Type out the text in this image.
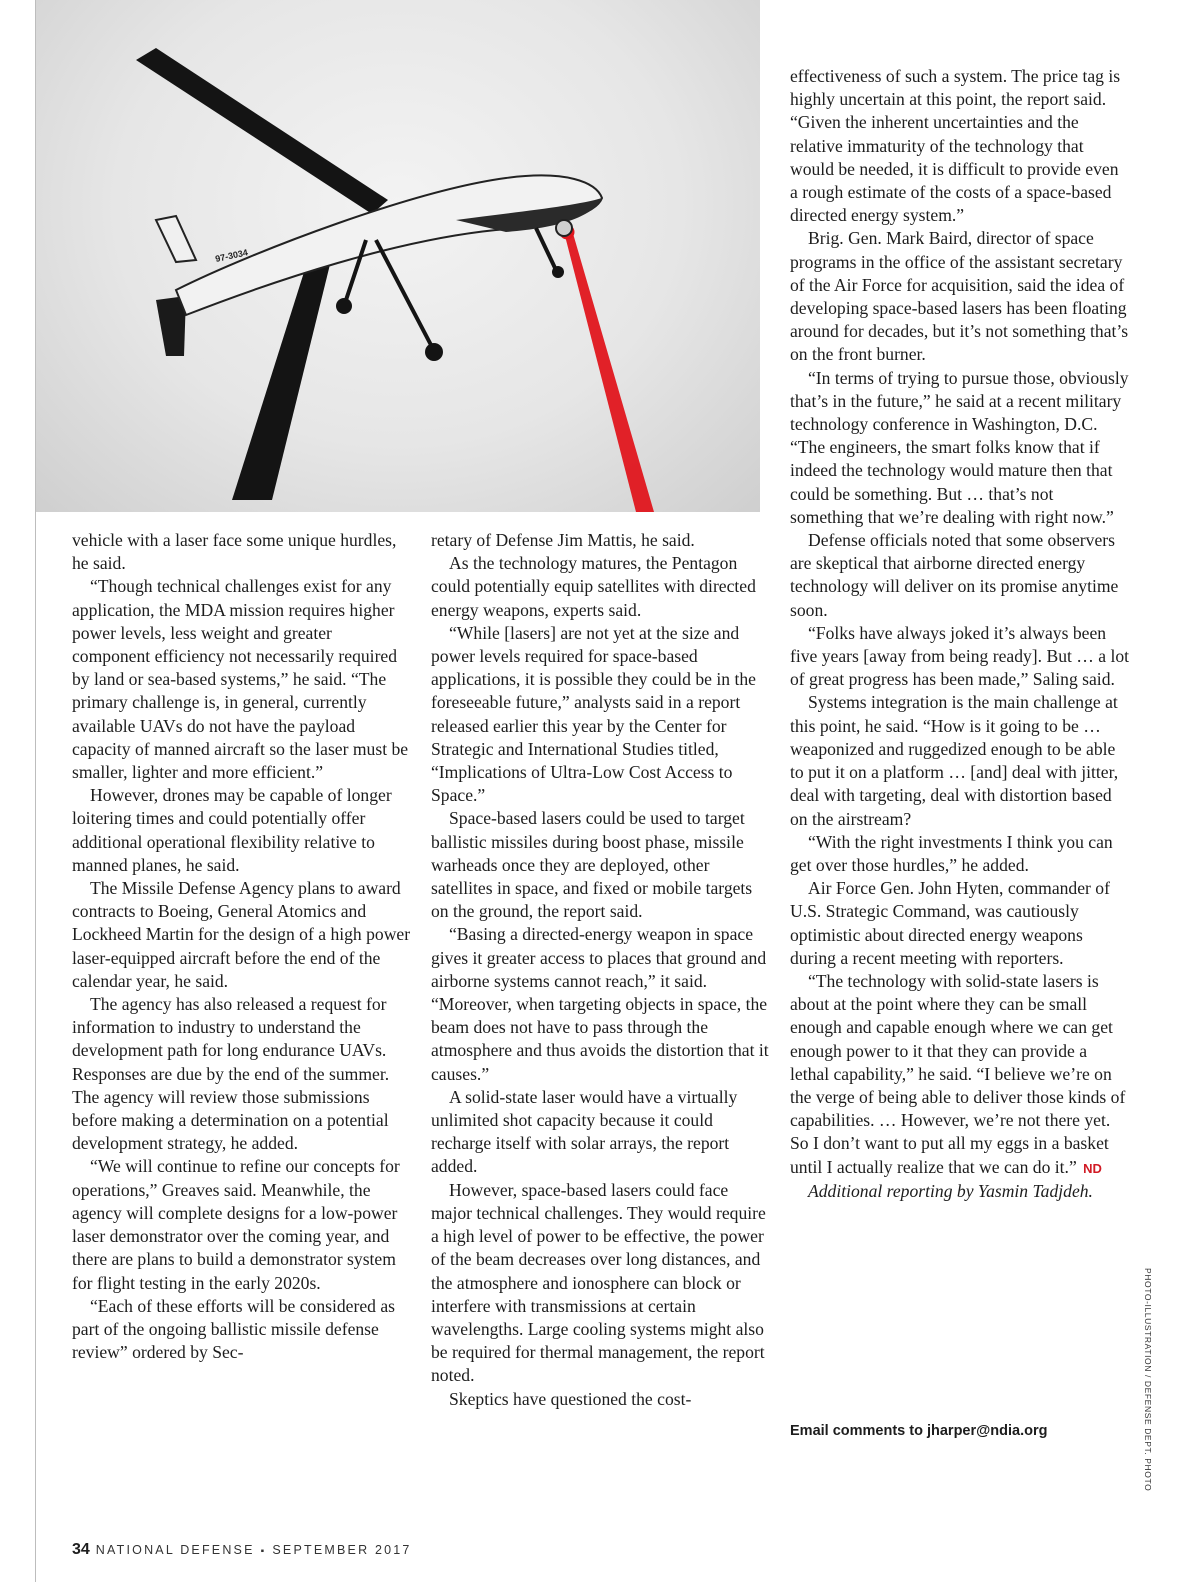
97-3034

vehicle with a laser face some unique hurdles, he said.

“Though technical challenges exist for any application, the MDA mission requires higher power levels, less weight and greater component efficiency not necessarily required by land or sea-based systems,” he said. “The primary challenge is, in general, currently available UAVs do not have the payload capacity of manned aircraft so the laser must be smaller, lighter and more efficient.”

However, drones may be capable of longer loitering times and could potentially offer additional operational flexibility relative to manned planes, he said.

The Missile Defense Agency plans to award contracts to Boeing, General Atomics and Lockheed Martin for the design of a high power laser-equipped aircraft before the end of the calendar year, he said.

The agency has also released a request for information to industry to understand the development path for long endurance UAVs. Responses are due by the end of the summer. The agency will review those submissions before making a determination on a potential development strategy, he added.

“We will continue to refine our concepts for operations,” Greaves said. Meanwhile, the agency will complete designs for a low-power laser demonstrator over the coming year, and there are plans to build a demonstrator system for flight testing in the early 2020s.

“Each of these efforts will be considered as part of the ongoing ballistic missile defense review” ordered by Sec-

retary of Defense Jim Mattis, he said.

As the technology matures, the Pentagon could potentially equip satellites with directed energy weapons, experts said.

“While [lasers] are not yet at the size and power levels required for space-based applications, it is possible they could be in the foreseeable future,” analysts said in a report released earlier this year by the Center for Strategic and International Studies titled, “Implications of Ultra-Low Cost Access to Space.”

Space-based lasers could be used to target ballistic missiles during boost phase, missile warheads once they are deployed, other satellites in space, and fixed or mobile targets on the ground, the report said.

“Basing a directed-energy weapon in space gives it greater access to places that ground and airborne systems cannot reach,” it said. “Moreover, when targeting objects in space, the beam does not have to pass through the atmosphere and thus avoids the distortion that it causes.”

A solid-state laser would have a virtually unlimited shot capacity because it could recharge itself with solar arrays, the report added.

However, space-based lasers could face major technical challenges. They would require a high level of power to be effective, the power of the beam decreases over long distances, and the atmosphere and ionosphere can block or interfere with transmissions at certain wavelengths. Large cooling systems might also be required for thermal management, the report noted.

Skeptics have questioned the cost-

effectiveness of such a system. The price tag is highly uncertain at this point, the report said. “Given the inherent uncertainties and the relative immaturity of the technology that would be needed, it is difficult to provide even a rough estimate of the costs of a space-based directed energy system.”

Brig. Gen. Mark Baird, director of space programs in the office of the assistant secretary of the Air Force for acquisition, said the idea of developing space-based lasers has been floating around for decades, but it’s not something that’s on the front burner.

“In terms of trying to pursue those, obviously that’s in the future,” he said at a recent military technology conference in Washington, D.C. “The engineers, the smart folks know that if indeed the technology would mature then that could be something. But … that’s not something that we’re dealing with right now.”

Defense officials noted that some observers are skeptical that airborne directed energy technology will deliver on its promise anytime soon.

“Folks have always joked it’s always been five years [away from being ready]. But … a lot of great progress has been made,” Saling said.

Systems integration is the main challenge at this point, he said. “How is it going to be … weaponized and ruggedized enough to be able to put it on a platform … [and] deal with jitter, deal with targeting, deal with distortion based on the airstream?

“With the right investments I think you can get over those hurdles,” he added.

Air Force Gen. John Hyten, commander of U.S. Strategic Command, was cautiously optimistic about directed energy weapons during a recent meeting with reporters.

“The technology with solid-state lasers is about at the point where they can be small enough and capable enough where we can get enough power to it that they can provide a lethal capability,” he said. “I believe we’re on the verge of being able to deliver those kinds of capabilities. … However, we’re not there yet. So I don’t want to put all my eggs in a basket until I actually realize that we can do it.” ND

Additional reporting by Yasmin Tadjdeh.

Email comments to jharper@ndia.org	PHOTO-ILLUSTRATION / DEFENSE DEPT. PHOTO
34 NATIONAL DEFENSE ▪ SEPTEMBER 2017
